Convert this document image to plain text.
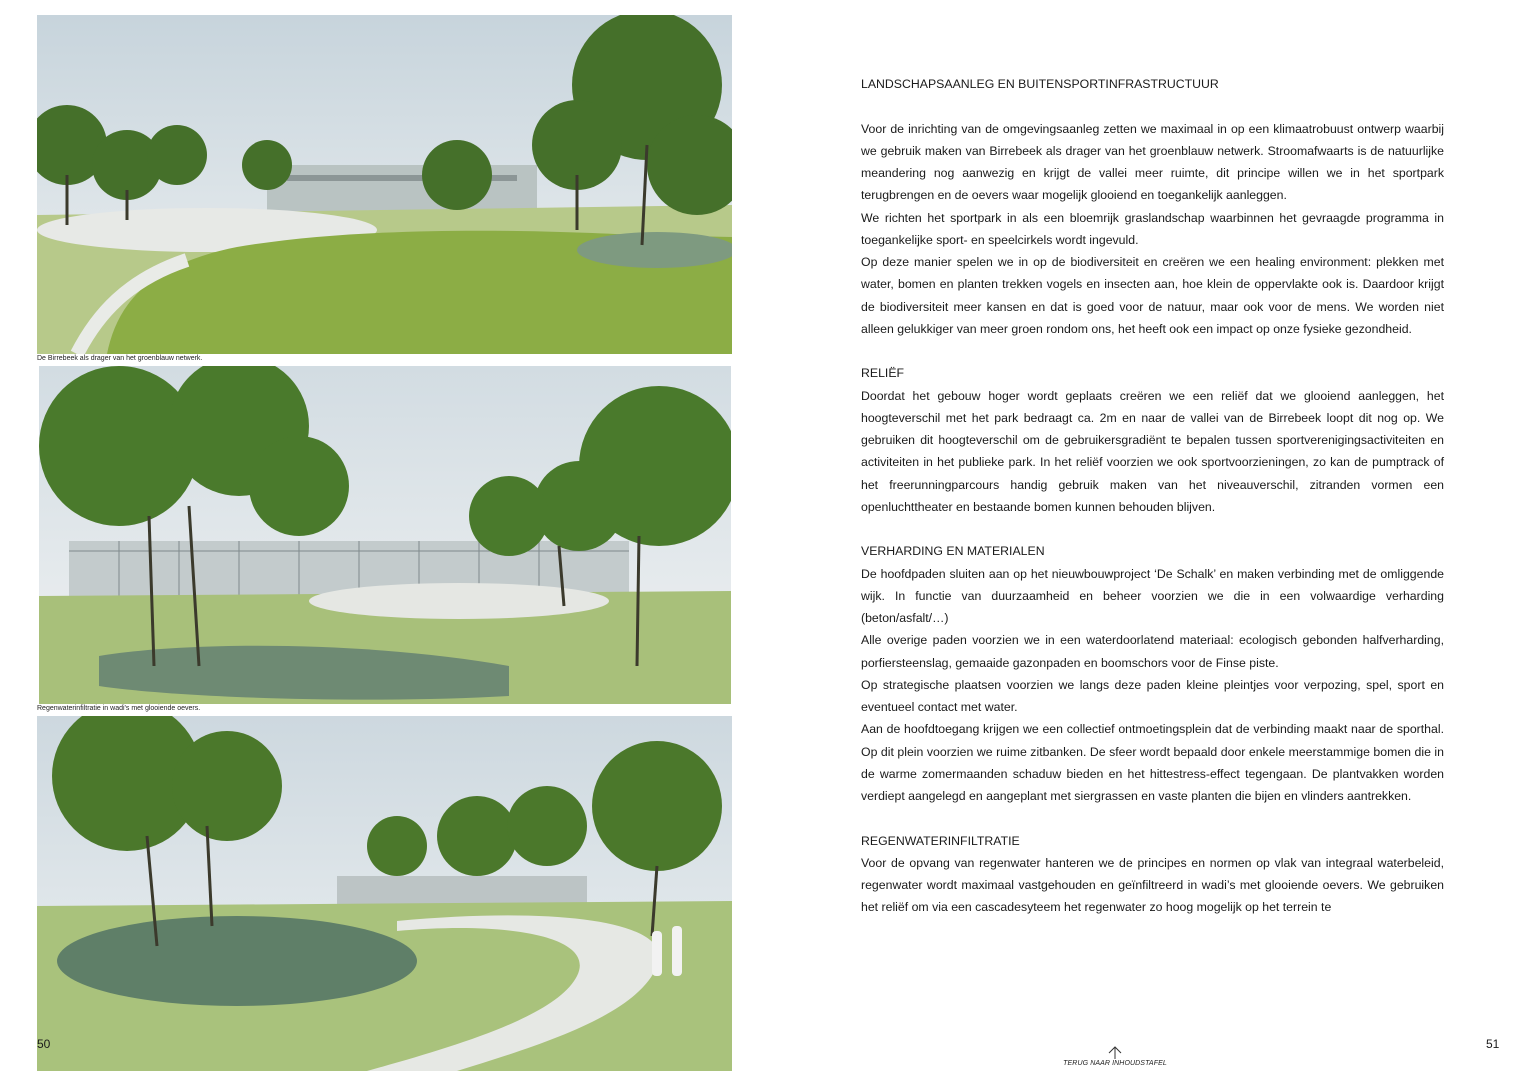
De Birrebeek als drager van het groenblauw netwerk.
Regenwaterinfiltratie in wadi's met glooiende oevers.
50

LANDSCHAPSAANLEG EN BUITENSPORTINFRASTRUCTUUR

Voor de inrichting van de omgevingsaanleg zetten we maximaal in op een klimaatrobuust ontwerp waarbij we gebruik maken van Birrebeek als drager van het groenblauw netwerk. Stroomafwaarts is de natuurlijke meandering nog aanwezig en krijgt de vallei meer ruimte, dit principe willen we in het sportpark terugbrengen en de oevers waar mogelijk glooiend en toegankelijk aanleggen.

We richten het sportpark in als een bloemrijk graslandschap waarbinnen het gevraagde programma in toegankelijke sport- en speelcirkels wordt ingevuld.

Op deze manier spelen we in op de biodiversiteit en creëren we een healing environment: plekken met water, bomen en planten trekken vogels en insecten aan, hoe klein de oppervlakte ook is. Daardoor krijgt de biodiversiteit meer kansen en dat is goed voor de natuur, maar ook voor de mens. We worden niet alleen gelukkiger van meer groen rondom ons, het heeft ook een impact op onze fysieke gezondheid.

RELIËF

Doordat het gebouw hoger wordt geplaats creëren we een reliëf dat we glooiend aanleggen, het hoogteverschil met het park bedraagt ca. 2m en naar de vallei van de Birrebeek loopt dit nog op. We gebruiken dit hoogteverschil om de gebruikersgradiënt te bepalen tussen sportverenigingsactiviteiten en activiteiten in het publieke park. In het reliëf voorzien we ook sportvoorzieningen, zo kan de pumptrack of het freerunningparcours handig gebruik maken van het niveauverschil, zitranden vormen een openluchttheater en bestaande bomen kunnen behouden blijven.

VERHARDING EN MATERIALEN

De hoofdpaden sluiten aan op het nieuwbouwproject ‘De Schalk’ en maken verbinding met de omliggende wijk. In functie van duurzaamheid en beheer voorzien we die in een volwaardige verharding (beton/asfalt/…)

Alle overige paden voorzien we in een waterdoorlatend materiaal: ecologisch gebonden halfverharding, porfiersteenslag, gemaaide gazonpaden en boomschors voor de Finse piste.

Op strategische plaatsen voorzien we langs deze paden kleine pleintjes voor verpozing, spel, sport en eventueel contact met water.

Aan de hoofdtoegang krijgen we een collectief ontmoetingsplein dat de verbinding maakt naar de sporthal. Op dit plein voorzien we ruime zitbanken. De sfeer wordt bepaald door enkele meerstammige bomen die in de warme zomermaanden schaduw bieden en het hittestress-effect tegengaan. De plantvakken worden verdiept aangelegd en aangeplant met siergrassen en vaste planten die bijen en vlinders aantrekken.

REGENWATERINFILTRATIE

Voor de opvang van regenwater hanteren we de principes en normen op vlak van integraal waterbeleid, regenwater wordt maximaal vastgehouden en geïnfiltreerd in wadi’s met glooiende oevers. We gebruiken het reliëf om via een cascadesyteem het regenwater zo hoog mogelijk op het terrein te

TERUG NAAR INHOUDSTAFEL
51
